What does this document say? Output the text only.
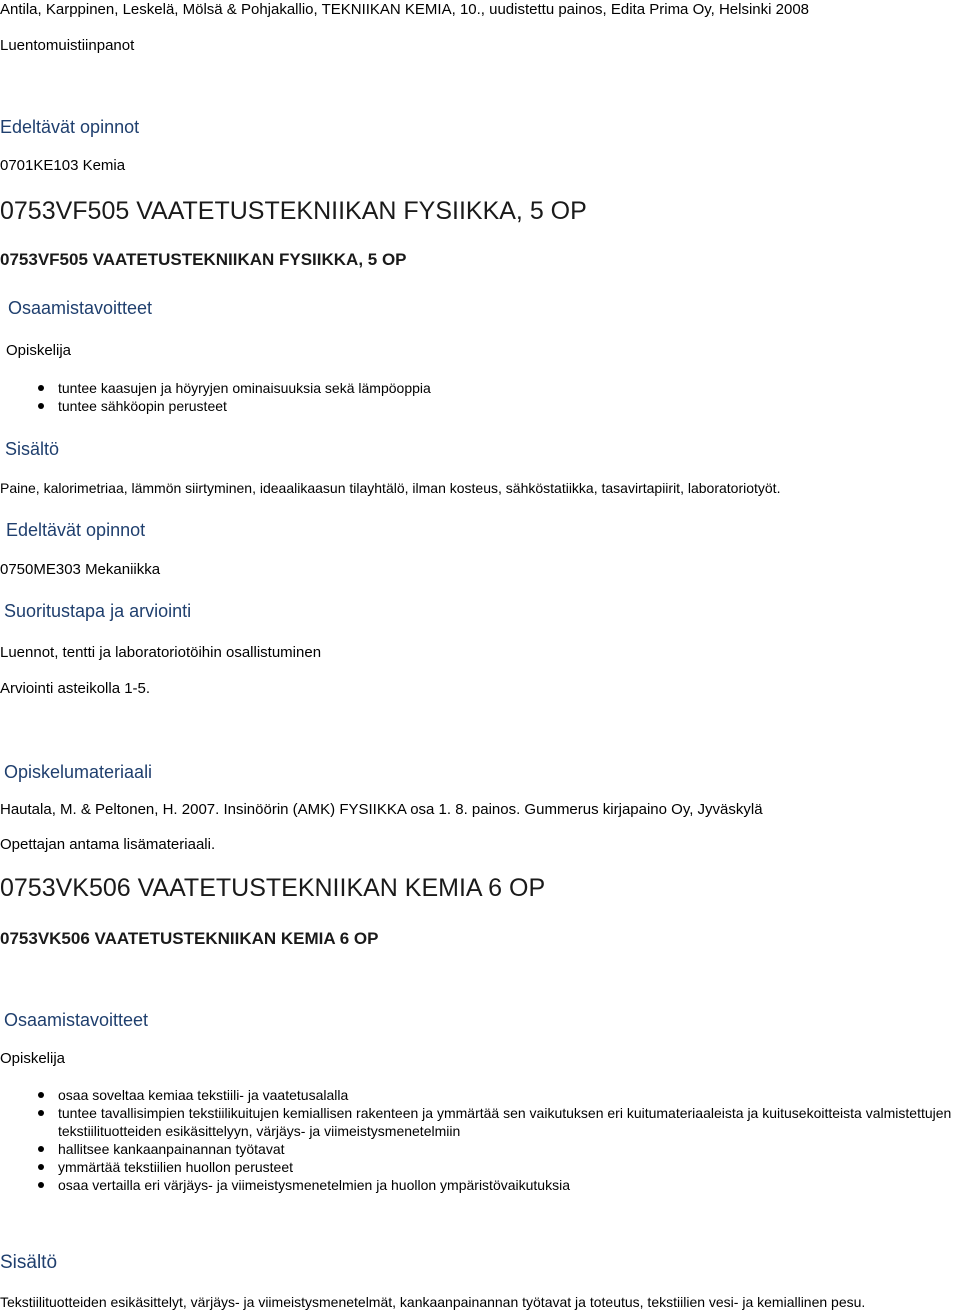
Antila, Karppinen, Leskelä, Mölsä & Pohjakallio, TEKNIIKAN KEMIA, 10., uudistettu painos, Edita Prima Oy, Helsinki 2008
Luentomuistiinpanot
Edeltävät opinnot
0701KE103 Kemia
0753VF505 VAATETUSTEKNIIKAN FYSIIKKA, 5 OP
0753VF505 VAATETUSTEKNIIKAN FYSIIKKA, 5 OP
Osaamistavoitteet
Opiskelija
tuntee kaasujen ja höyryjen ominaisuuksia sekä lämpöoppia
tuntee sähköopin perusteet
Sisältö
Paine, kalorimetriaa, lämmön siirtyminen, ideaalikaasun tilayhtälö, ilman kosteus, sähköstatiikka, tasavirtapiirit, laboratoriotyöt.
Edeltävät opinnot
0750ME303 Mekaniikka
Suoritustapa ja arviointi
Luennot, tentti ja laboratoriotöihin osallistuminen
Arviointi asteikolla 1-5.
Opiskelumateriaali
Hautala, M. & Peltonen, H. 2007. Insinöörin (AMK) FYSIIKKA osa 1. 8. painos. Gummerus kirjapaino Oy, Jyväskylä
Opettajan antama lisämateriaali.
0753VK506 VAATETUSTEKNIIKAN KEMIA 6 OP
0753VK506 VAATETUSTEKNIIKAN KEMIA 6 OP
Osaamistavoitteet
Opiskelija
osaa soveltaa kemiaa tekstiili- ja vaatetusalalla
tuntee tavallisimpien tekstiilikuitujen kemiallisen rakenteen ja ymmärtää sen vaikutuksen eri kuitumateriaaleista ja kuitusekoitteista valmistettujen tekstiilituotteiden esikäsittelyyn, värjäys- ja viimeistysmenetelmiin
hallitsee kankaanpainannan työtavat
ymmärtää tekstiilien huollon perusteet
osaa vertailla eri värjäys- ja viimeistysmenetelmien ja huollon ympäristövaikutuksia
Sisältö
Tekstiilituotteiden esikäsittelyt, värjäys- ja viimeistysmenetelmät, kankaanpainannan työtavat ja toteutus, tekstiilien vesi- ja kemiallinen pesu.
